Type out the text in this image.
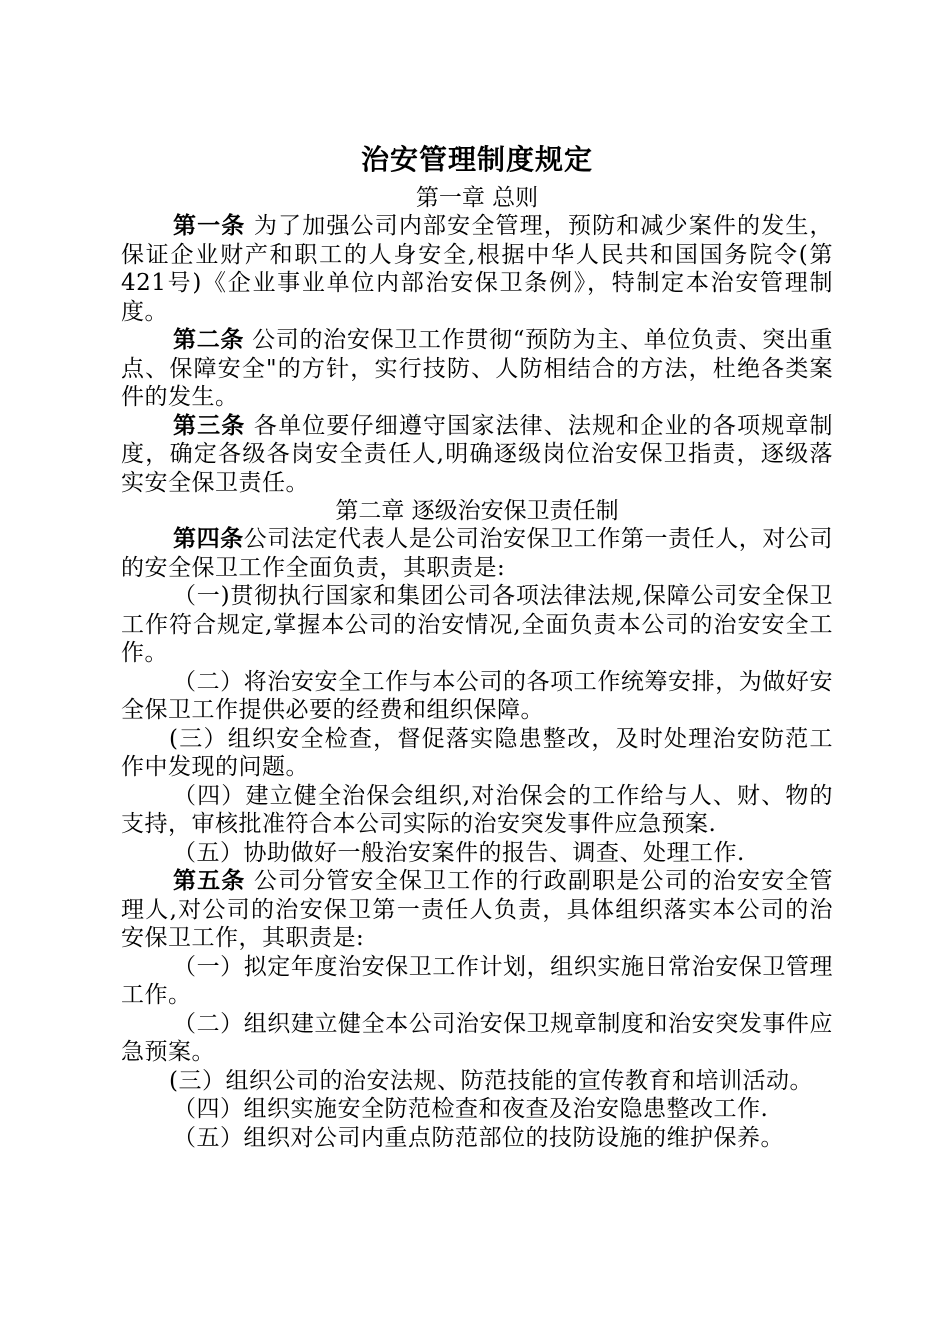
治安管理制度规定

第一章 总则

第一条 为了加强公司内部安全管理，预防和减少案件的发生，保证企业财产和职工的人身安全,根据中华人民共和国国务院令(第421号)《企业事业单位内部治安保卫条例》，特制定本治安管理制度。

第二条 公司的治安保卫工作贯彻“预防为主、单位负责、突出重点、保障安全"的方针，实行技防、人防相结合的方法，杜绝各类案件的发生。

第三条 各单位要仔细遵守国家法律、法规和企业的各项规章制度，确定各级各岗安全责任人,明确逐级岗位治安保卫指责，逐级落实安全保卫责任。

第二章 逐级治安保卫责任制

第四条公司法定代表人是公司治安保卫工作第一责任人，对公司的安全保卫工作全面负责，其职责是:

（一)贯彻执行国家和集团公司各项法律法规,保障公司安全保卫工作符合规定,掌握本公司的治安情况,全面负责本公司的治安安全工作。

（二）将治安安全工作与本公司的各项工作统筹安排，为做好安全保卫工作提供必要的经费和组织保障。

(三）组织安全检查，督促落实隐患整改，及时处理治安防范工作中发现的问题。

（四）建立健全治保会组织,对治保会的工作给与人、财、物的支持，审核批准符合本公司实际的治安突发事件应急预案.

（五）协助做好一般治安案件的报告、调查、处理工作.

第五条 公司分管安全保卫工作的行政副职是公司的治安安全管理人,对公司的治安保卫第一责任人负责，具体组织落实本公司的治安保卫工作，其职责是:

（一）拟定年度治安保卫工作计划，组织实施日常治安保卫管理工作。

（二）组织建立健全本公司治安保卫规章制度和治安突发事件应急预案。

(三）组织公司的治安法规、防范技能的宣传教育和培训活动。

（四）组织实施安全防范检查和夜查及治安隐患整改工作.

（五）组织对公司内重点防范部位的技防设施的维护保养。
